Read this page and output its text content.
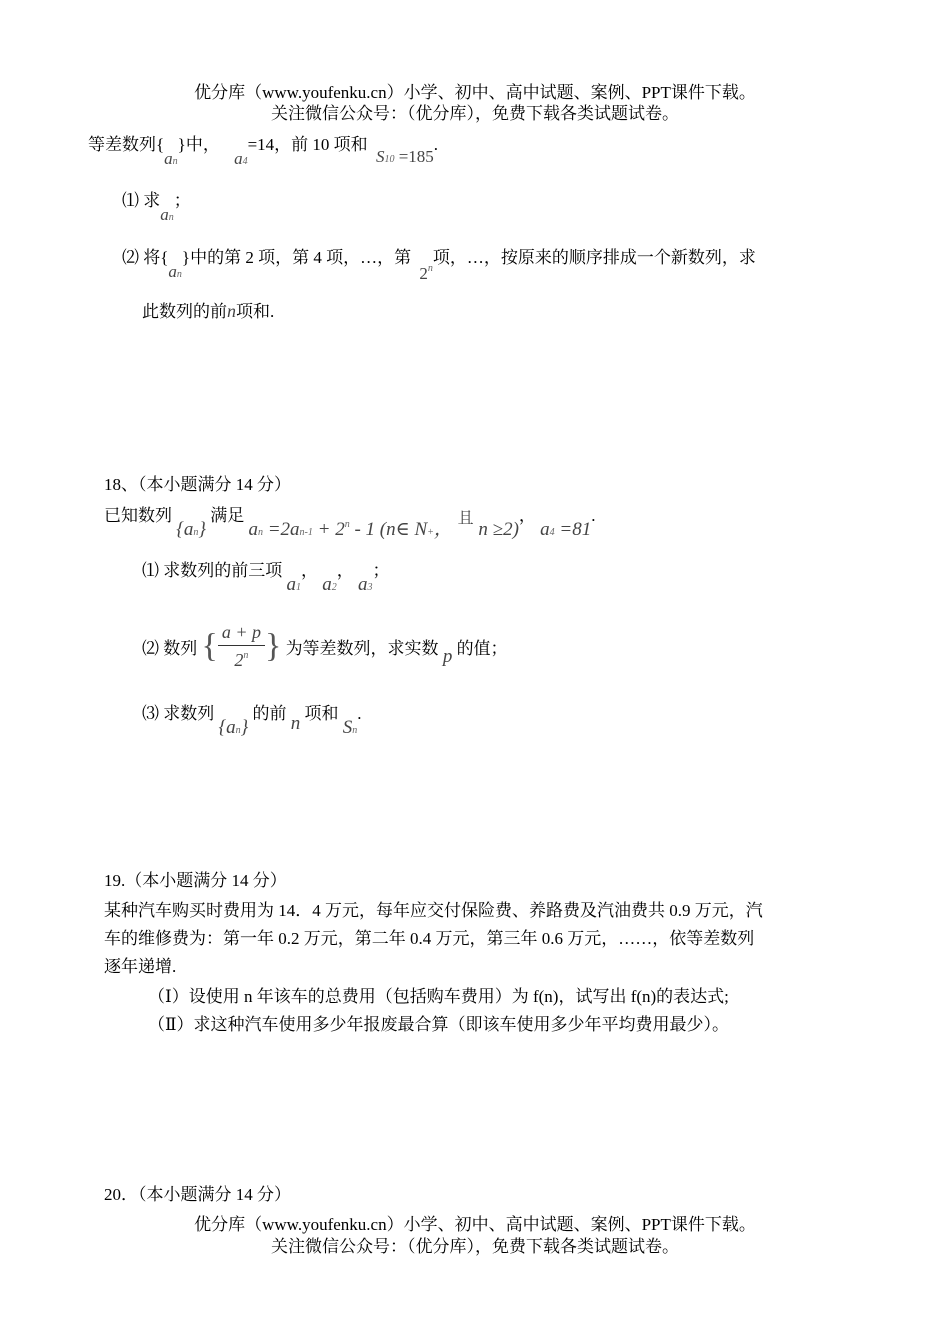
优分库（www.youfenku.cn）小学、初中、高中试题、案例、PPT课件下载。
关注微信公众号：（优分库），免费下载各类试题试卷。
等差数列{an}中， a4=14，前 10 项和 S10 =185.
⑴ 求an；
⑵ 将{an}中的第 2 项，第 4 项，…，第 2$^n$项，…，按原来的顺序排成一个新数列，求
此数列的前n项和.
18、（本小题满分 14 分）
已知数列 {an} 满足 an $=2an-1 + 2^n - 1$ (n∈ N+， $^且$ n ≥2)， a4 =81.
⑴ 求数列的前三项 a1， a2， a3；
⑵ 数列 { $\frac{a + p}{2^n}$ } 为等差数列，求实数 p 的值；
⑶ 求数列 {an} 的前 n 项和 Sn.
19.（本小题满分 14 分）
某种汽车购买时费用为 14．4 万元，每年应交付保险费、养路费及汽油费共 0.9 万元，汽
车的维修费为：第一年 0.2 万元，第二年 0.4 万元，第三年 0.6 万元，……，依等差数列
逐年递增.
（Ⅰ）设使用 n 年该车的总费用（包括购车费用）为 f(n)，试写出 f(n)的表达式;
（Ⅱ）求这种汽车使用多少年报废最合算（即该车使用多少年平均费用最少）。
20．（本小题满分 14 分）
优分库（www.youfenku.cn）小学、初中、高中试题、案例、PPT课件下载。
关注微信公众号：（优分库），免费下载各类试题试卷。
